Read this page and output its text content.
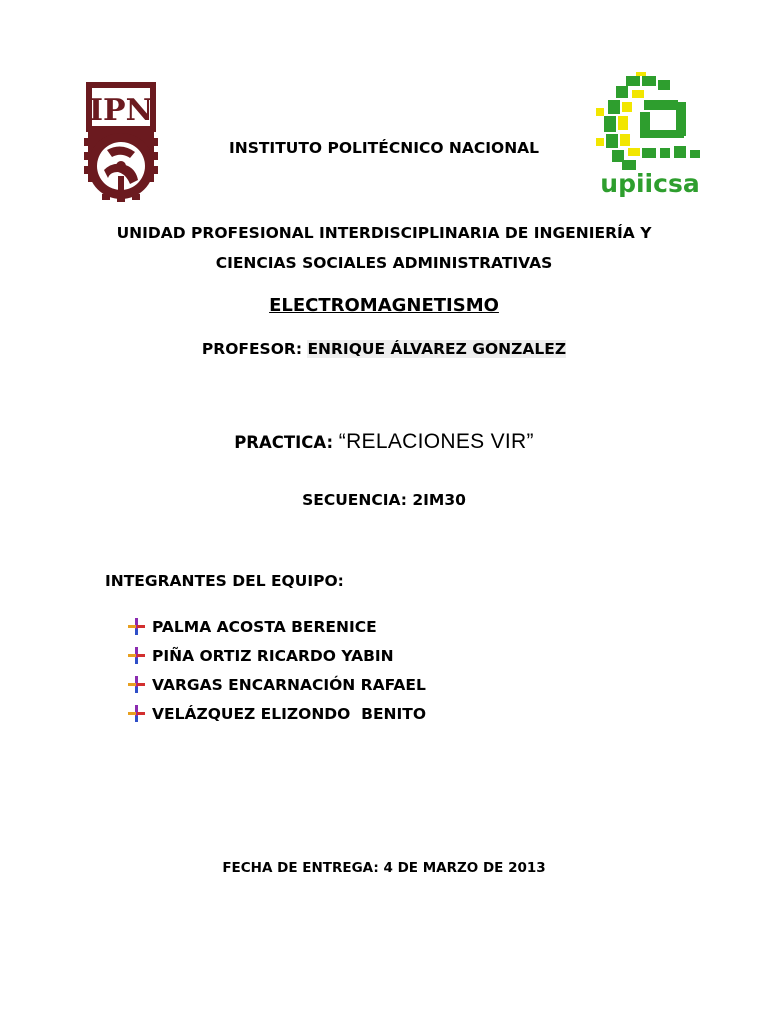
IPN
upiicsa
INSTITUTO POLITÉCNICO NACIONAL
UNIDAD PROFESIONAL INTERDISCIPLINARIA DE INGENIERÍA Y
CIENCIAS SOCIALES ADMINISTRATIVAS
ELECTROMAGNETISMO
PROFESOR: ENRIQUE ÁLVAREZ GONZALEZ
PRACTICA: “RELACIONES VIR”
SECUENCIA: 2IM30
INTEGRANTES DEL EQUIPO:
PALMA ACOSTA BERENICE
PIÑA ORTIZ RICARDO YABIN
VARGAS ENCARNACIÓN RAFAEL
VELÁZQUEZ ELIZONDO  BENITO
FECHA DE ENTREGA: 4 DE MARZO DE 2013
